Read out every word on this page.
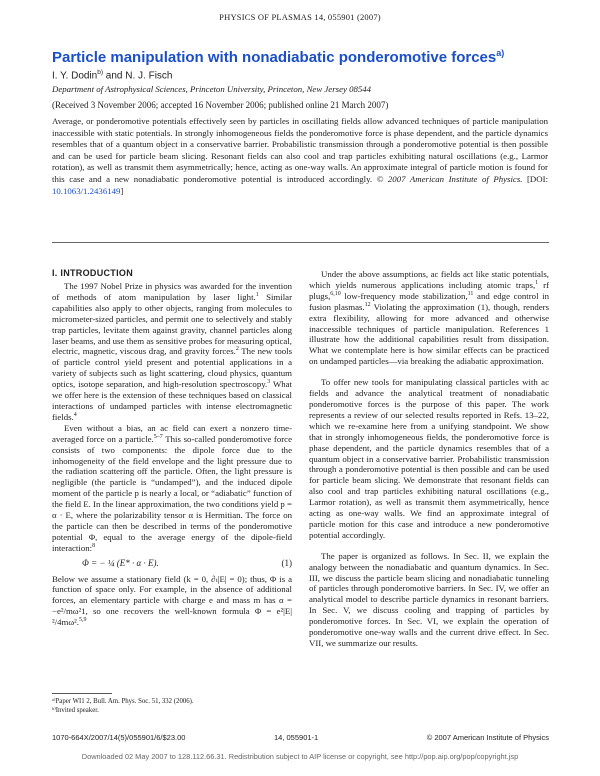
PHYSICS OF PLASMAS 14, 055901 (2007)
Particle manipulation with nonadiabatic ponderomotive forces$^{a)}$
I. Y. Dodin$^{b)}$ and N. J. Fisch
Department of Astrophysical Sciences, Princeton University, Princeton, New Jersey 08544
(Received 3 November 2006; accepted 16 November 2006; published online 21 March 2007)
Average, or ponderomotive potentials effectively seen by particles in oscillating fields allow advanced techniques of particle manipulation inaccessible with static potentials. In strongly inhomogeneous fields the ponderomotive force is phase dependent, and the particle dynamics resembles that of a quantum object in a conservative barrier. Probabilistic transmission through a ponderomotive potential is then possible and can be used for particle beam slicing. Resonant fields can also cool and trap particles exhibiting natural oscillations (e.g., Larmor rotation), as well as transmit them asymmetrically; hence, acting as one-way walls. An approximate integral of particle motion is found for this case and a new nonadiabatic ponderomotive potential is introduced accordingly. © 2007 American Institute of Physics. [DOI: 10.1063/1.2436149]
I. INTRODUCTION

The 1997 Nobel Prize in physics was awarded for the invention of methods of atom manipulation by laser light.$^1$ Similar capabilities also apply to other objects, ranging from molecules to micrometer-sized particles, and permit one to selectively and stably trap particles, levitate them against gravity, channel particles along laser beams, and use them as sensitive probes for measuring optical, electric, magnetic, viscous drag, and gravity forces.$^2$ The new tools of particle control yield present and potential applications in a variety of subjects such as light scattering, cloud physics, quantum optics, isotope separation, and high-resolution spectroscopy.$^3$ What we offer here is the extension of these techniques based on classical interactions of undamped particles with intense electromagnetic fields.$^4$

Even without a bias, an ac field can exert a nonzero time-averaged force on a particle.$^{5-7}$ This so-called ponderomotive force consists of two components: the dipole force due to the inhomogeneity of the field envelope and the light pressure due to the radiation scattering off the particle. Often, the light pressure is negligible (the particle is “undamped”), and the induced dipole moment of the particle p is nearly a local, or “adiabatic” function of the field E. In the linear approximation, the two conditions yield p = α · E, where the polarizability tensor α is Hermitian. The force on the particle can then be described in terms of the ponderomotive potential Φ, equal to the average energy of the dipole-field interaction:$^8$

Φ = − ¼ (E* · α · E).	(1)

Below we assume a stationary field (k = 0, ∂ₜ|E| = 0); thus, Φ is a function of space only. For example, in the absence of additional forces, an elementary particle with charge e and mass m has α = −e²/mω²1, so one recovers the well-known formula Φ = e²|E|²/4mω².$^{5,9}$

Under the above assumptions, ac fields act like static potentials, which yields numerous applications including atomic traps,$^1$ rf plugs,$^{6,10}$ low-frequency mode stabilization,$^{11}$ and edge control in fusion plasmas.$^{12}$ Violating the approximation (1), though, renders extra flexibility, allowing for more advanced and otherwise inaccessible techniques of particle manipulation. References 1 illustrate how the additional capabilities result from dissipation. What we contemplate here is how similar effects can be practiced on undamped particles—via breaking the adiabatic approximation.

To offer new tools for manipulating classical particles with ac fields and advance the analytical treatment of nonadiabatic ponderomotive forces is the purpose of this paper. The work represents a review of our selected results reported in Refs. 13–22, which we re-examine here from a unifying standpoint. We show that in strongly inhomogeneous fields, the ponderomotive force is phase dependent, and the particle dynamics resembles that of a quantum object in a conservative barrier. Probabilistic transmission through a ponderomotive potential is then possible and can be used for particle beam slicing. We demonstrate that resonant fields can also cool and trap particles exhibiting natural oscillations (e.g., Larmor rotation), as well as transmit them asymmetrically, hence acting as one-way walls. We find an approximate integral of particle motion for this case and introduce a new ponderomotive potential accordingly.

The paper is organized as follows. In Sec. II, we explain the analogy between the nonadiabatic and quantum dynamics. In Sec. III, we discuss the particle beam slicing and nonadiabatic tunneling of particles through ponderomotive barriers. In Sec. IV, we offer an analytical model to describe particle dynamics in resonant barriers. In Sec. V, we discuss cooling and trapping of particles by ponderomotive forces. In Sec. VI, we explain the operation of ponderomotive one-way walls and the current drive effect. In Sec. VII, we summarize our results.

ᵃ⁾Paper WI1 2, Bull. Am. Phys. Soc. 51, 332 (2006).
ᵇ⁾Invited speaker.
1070-664X/2007/14(5)/055901/6/$23.00	14, 055901-1	© 2007 American Institute of Physics
Downloaded 02 May 2007 to 128.112.66.31. Redistribution subject to AIP license or copyright, see http://pop.aip.org/pop/copyright.jsp
